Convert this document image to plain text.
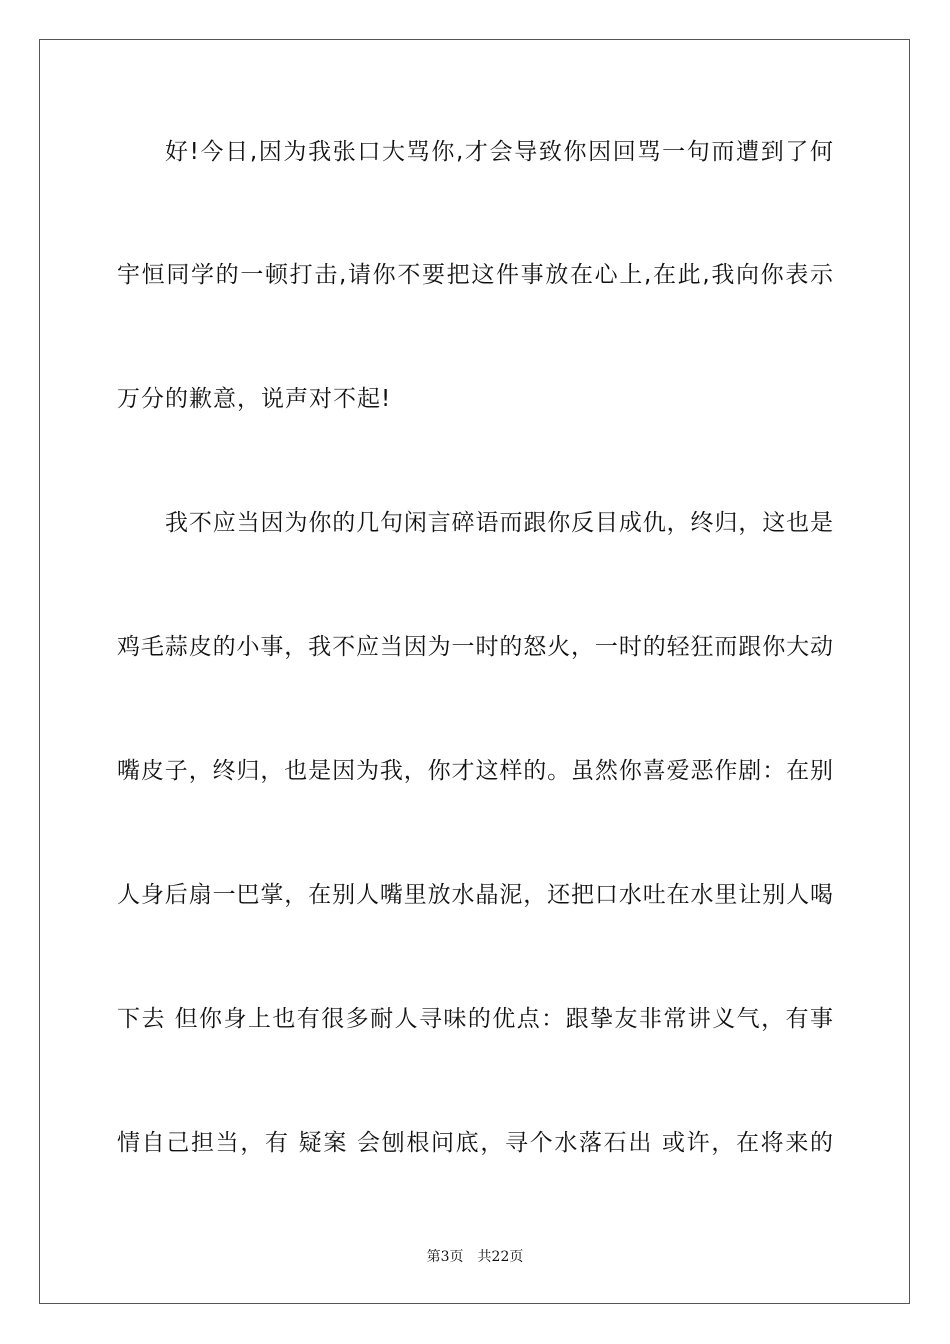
好!今日,因为我张口大骂你,才会导致你因回骂一句而遭到了何
宇恒同学的一顿打击,请你不要把这件事放在心上,在此,我向你表示
万分的歉意，说声对不起!
我不应当因为你的几句闲言碎语而跟你反目成仇，终归，这也是
鸡毛蒜皮的小事，我不应当因为一时的怒火，一时的轻狂而跟你大动
嘴皮子，终归，也是因为我，你才这样的。虽然你喜爱恶作剧：在别
人身后扇一巴掌，在别人嘴里放水晶泥，还把口水吐在水里让别人喝
下去 但你身上也有很多耐人寻味的优点：跟挚友非常讲义气，有事
情自己担当，有 疑案 会刨根问底，寻个水落石出 或许，在将来的
第3页 共22页
